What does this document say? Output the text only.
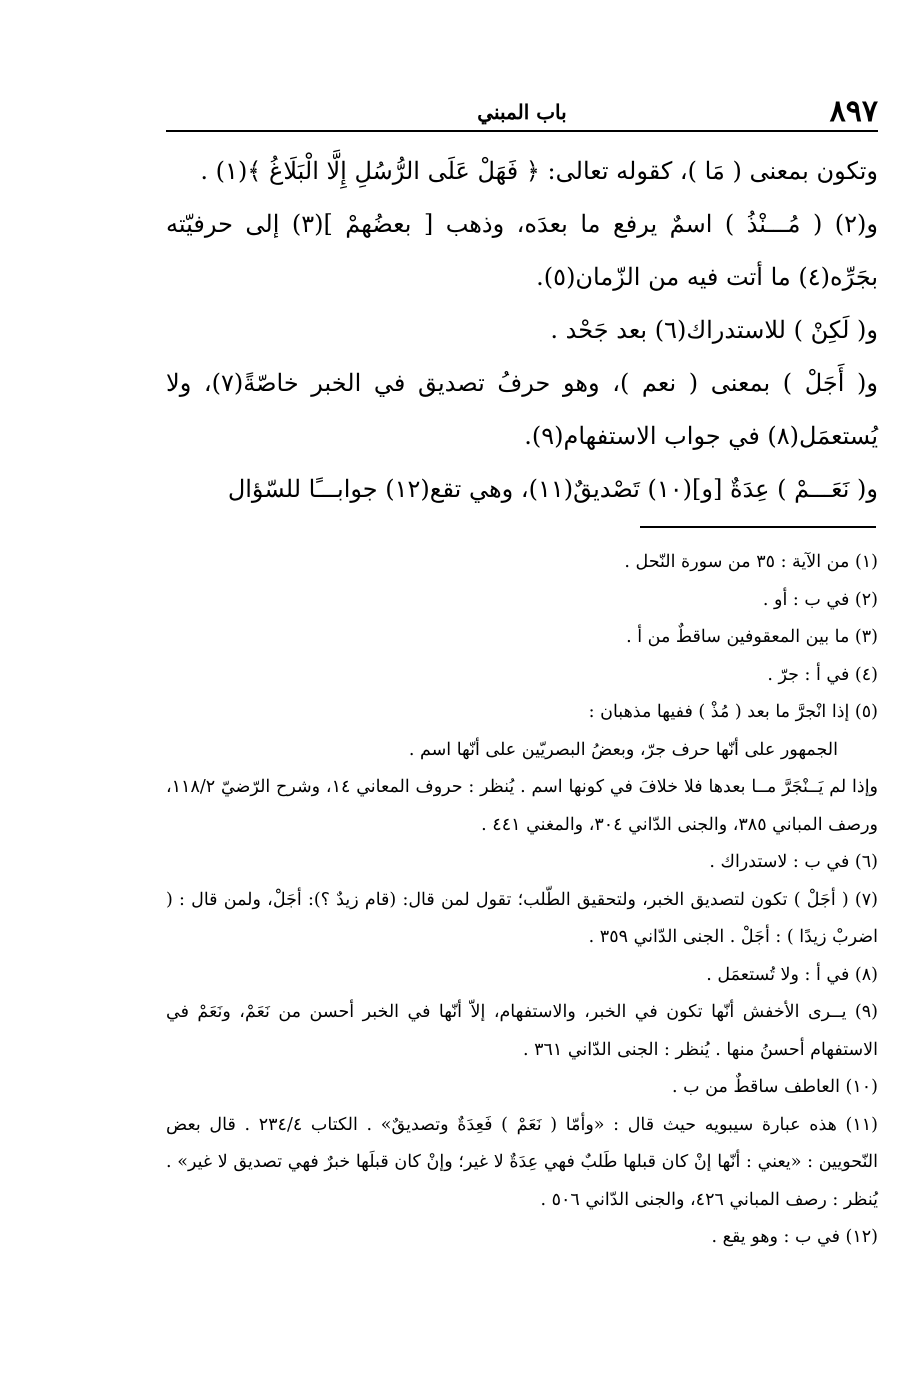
٨٩٧
باب المبني

وتكون بمعنى ( مَا )، كقوله تعالى: ﴿ فَهَلْ عَلَى الرُّسُلِ إِلَّا الْبَلَاغُ ﴾(١) .

و(٢) ( مُـــنْذُ ) اسمٌ يرفع ما بعدَه، وذهب [ بعضُهمْ ](٣) إلى حرفيّته بجَرِّه(٤) ما أتت فيه من الزّمان(٥).

و( لَكِنْ ) للاستدراك(٦) بعد جَحْد .

و( أَجَلْ ) بمعنى ( نعم )، وهو حرفُ تصديق في الخبر خاصّةً(٧)، ولا يُستعمَل(٨) في جواب الاستفهام(٩).

و( نَعَـــمْ ) عِدَةٌ [و](١٠) تَصْديقٌ(١١)، وهي تقع(١٢) جوابـــًا للسّؤال

(١) من الآية : ٣٥ من سورة النّحل .

(٢) في ب : أو .

(٣) ما بين المعقوفين ساقطٌ من أ .

(٤) في أ : جرّ .

(٥) إذا انْجرَّ ما بعد ( مُذْ ) ففيها مذهبان :

الجمهور على أنّها حرف جرّ، وبعضُ البصريّين على أنّها اسم .

وإذا لم يَــنْجَرَّ مــا بعدها فلا خلافَ في كونها اسم . يُنظر : حروف المعاني ١٤، وشرح الرّضيّ ١١٨/٢، ورصف المباني ٣٨٥، والجنى الدّاني ٣٠٤، والمغني ٤٤١ .

(٦) في ب : لاستدراك .

(٧) ( أجَلْ ) تكون لتصديق الخبر، ولتحقيق الطّلب؛ تقول لمن قال: (قام زيدٌ ؟): أجَلْ، ولمن قال : ( اضربْ زيدًا ) : أجَلْ . الجنى الدّاني ٣٥٩ .

(٨) في أ : ولا تُستعمَل .

(٩) يــرى الأخفش أنّها تكون في الخبر، والاستفهام، إلاّ أنّها في الخبر أحسن من نَعَمْ، ونَعَمْ في الاستفهام أحسنُ منها . يُنظر : الجنى الدّاني ٣٦١ .

(١٠) العاطف ساقطٌ من ب .

(١١) هذه عبارة سيبويه حيث قال : «وأمّا ( نَعَمْ ) فَعِدَةٌ وتصديقٌ» . الكتاب ٢٣٤/٤ . قال بعض النّحويين : «يعني : أنّها إنْ كان قبلها طَلبٌ فهي عِدَةٌ لا غير؛ وإنْ كان قبلَها خبرٌ فهي تصديق لا غير» . يُنظر : رصف المباني ٤٢٦، والجنى الدّاني ٥٠٦ .

(١٢) في ب : وهو يقع .
